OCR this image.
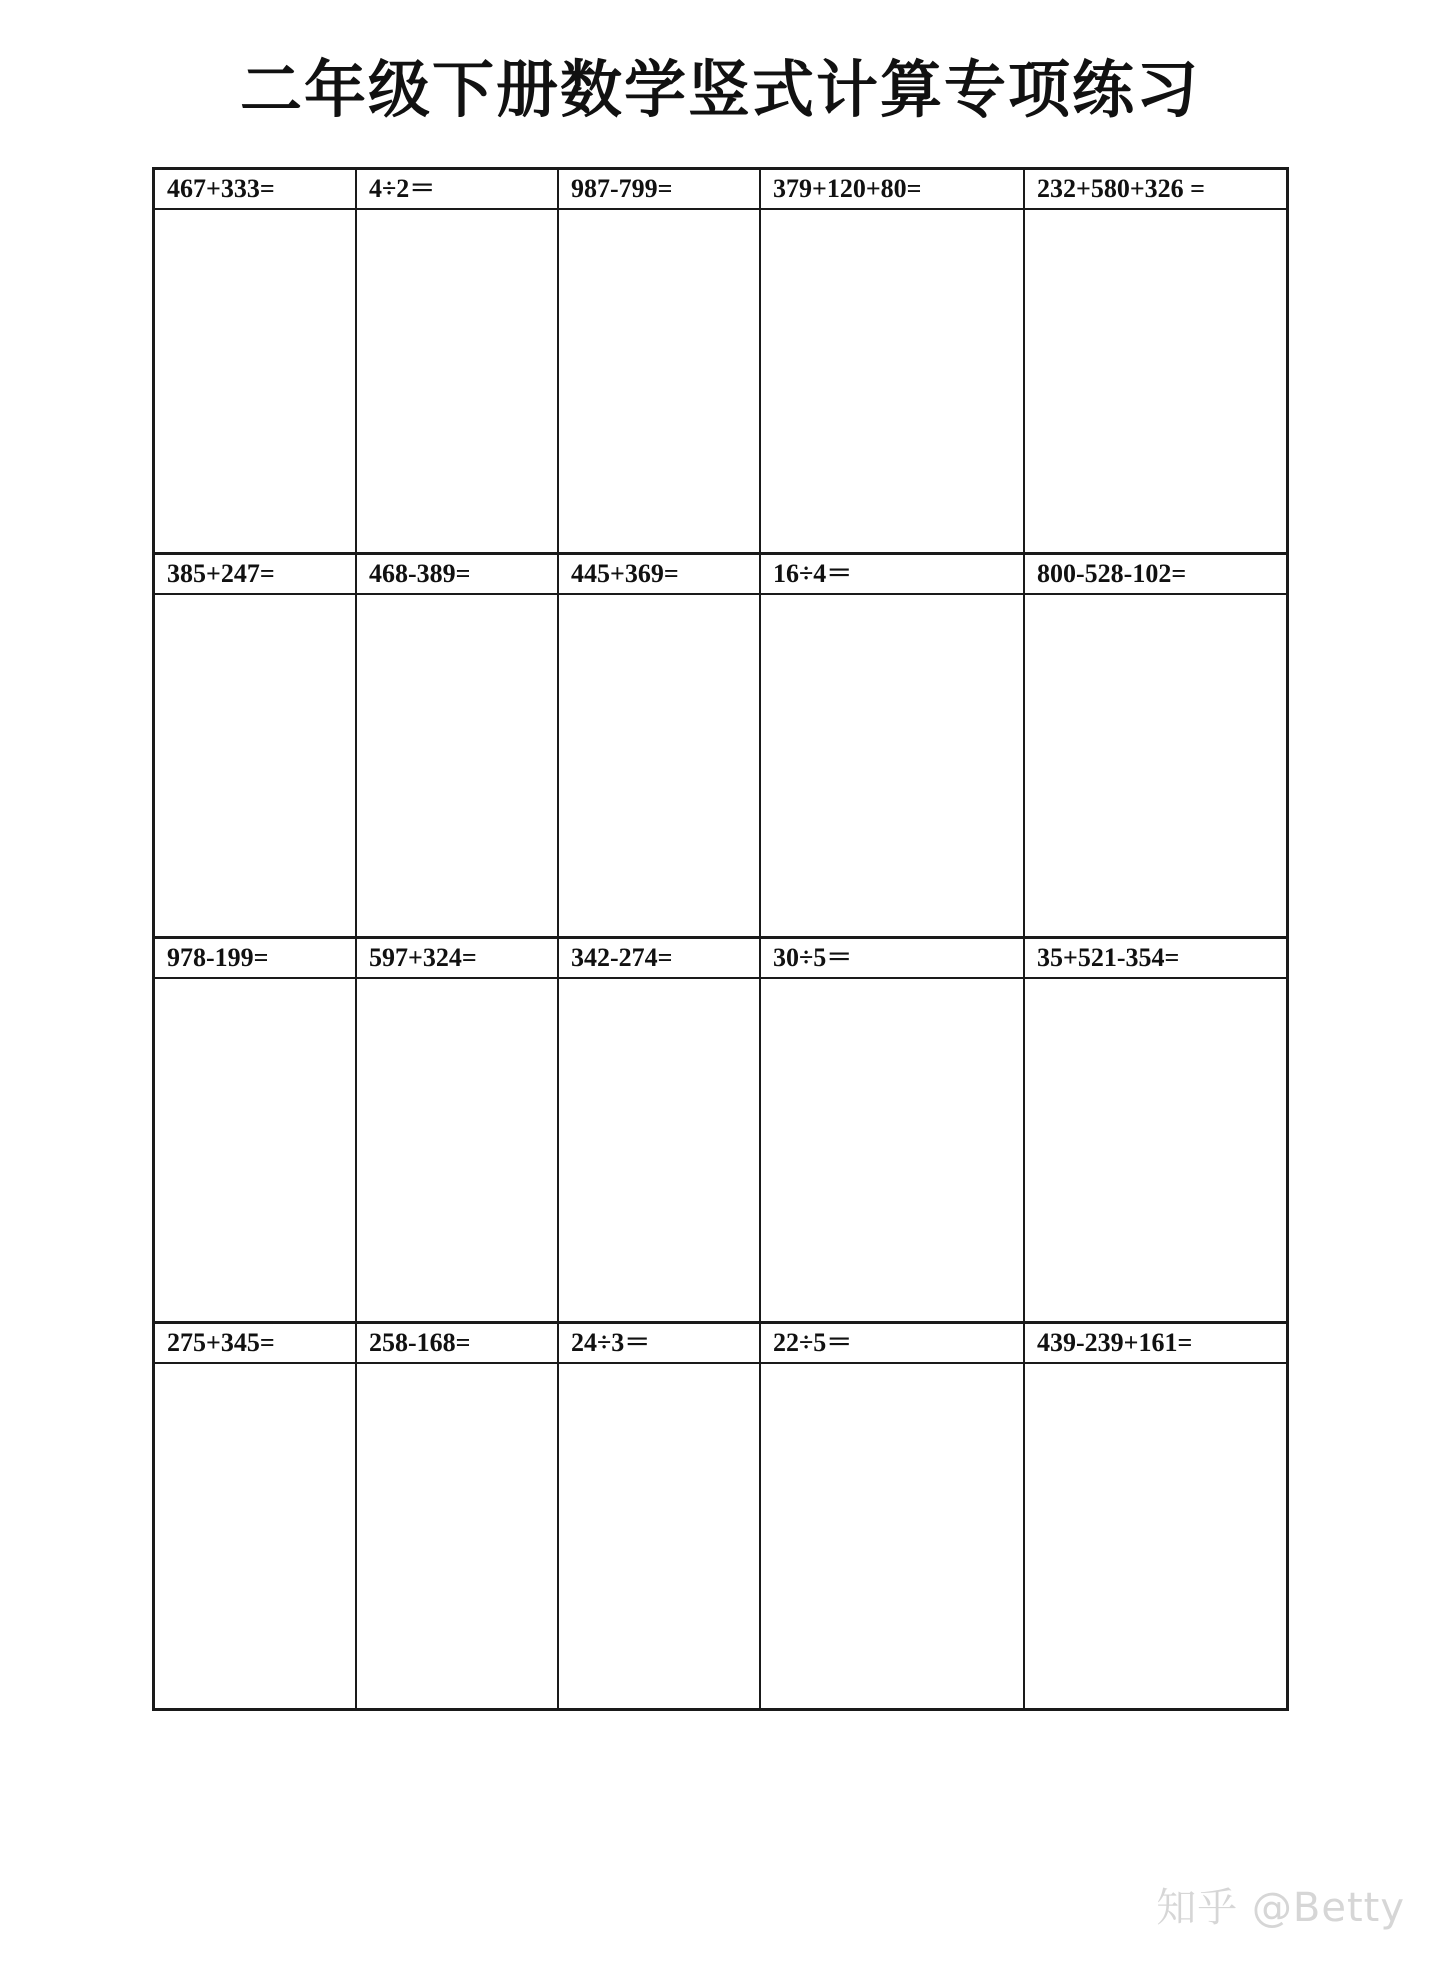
二年级下册数学竖式计算专项练习
467+333=	4÷2＝	987-799=	379+120+80=	232+580+326 =
385+247=	468-389=	445+369=	16÷4＝	800-528-102=
978-199=	597+324=	342-274=	30÷5＝	35+521-354=
275+345=	258-168=	24÷3＝	22÷5＝	439-239+161=
知乎 @Betty
